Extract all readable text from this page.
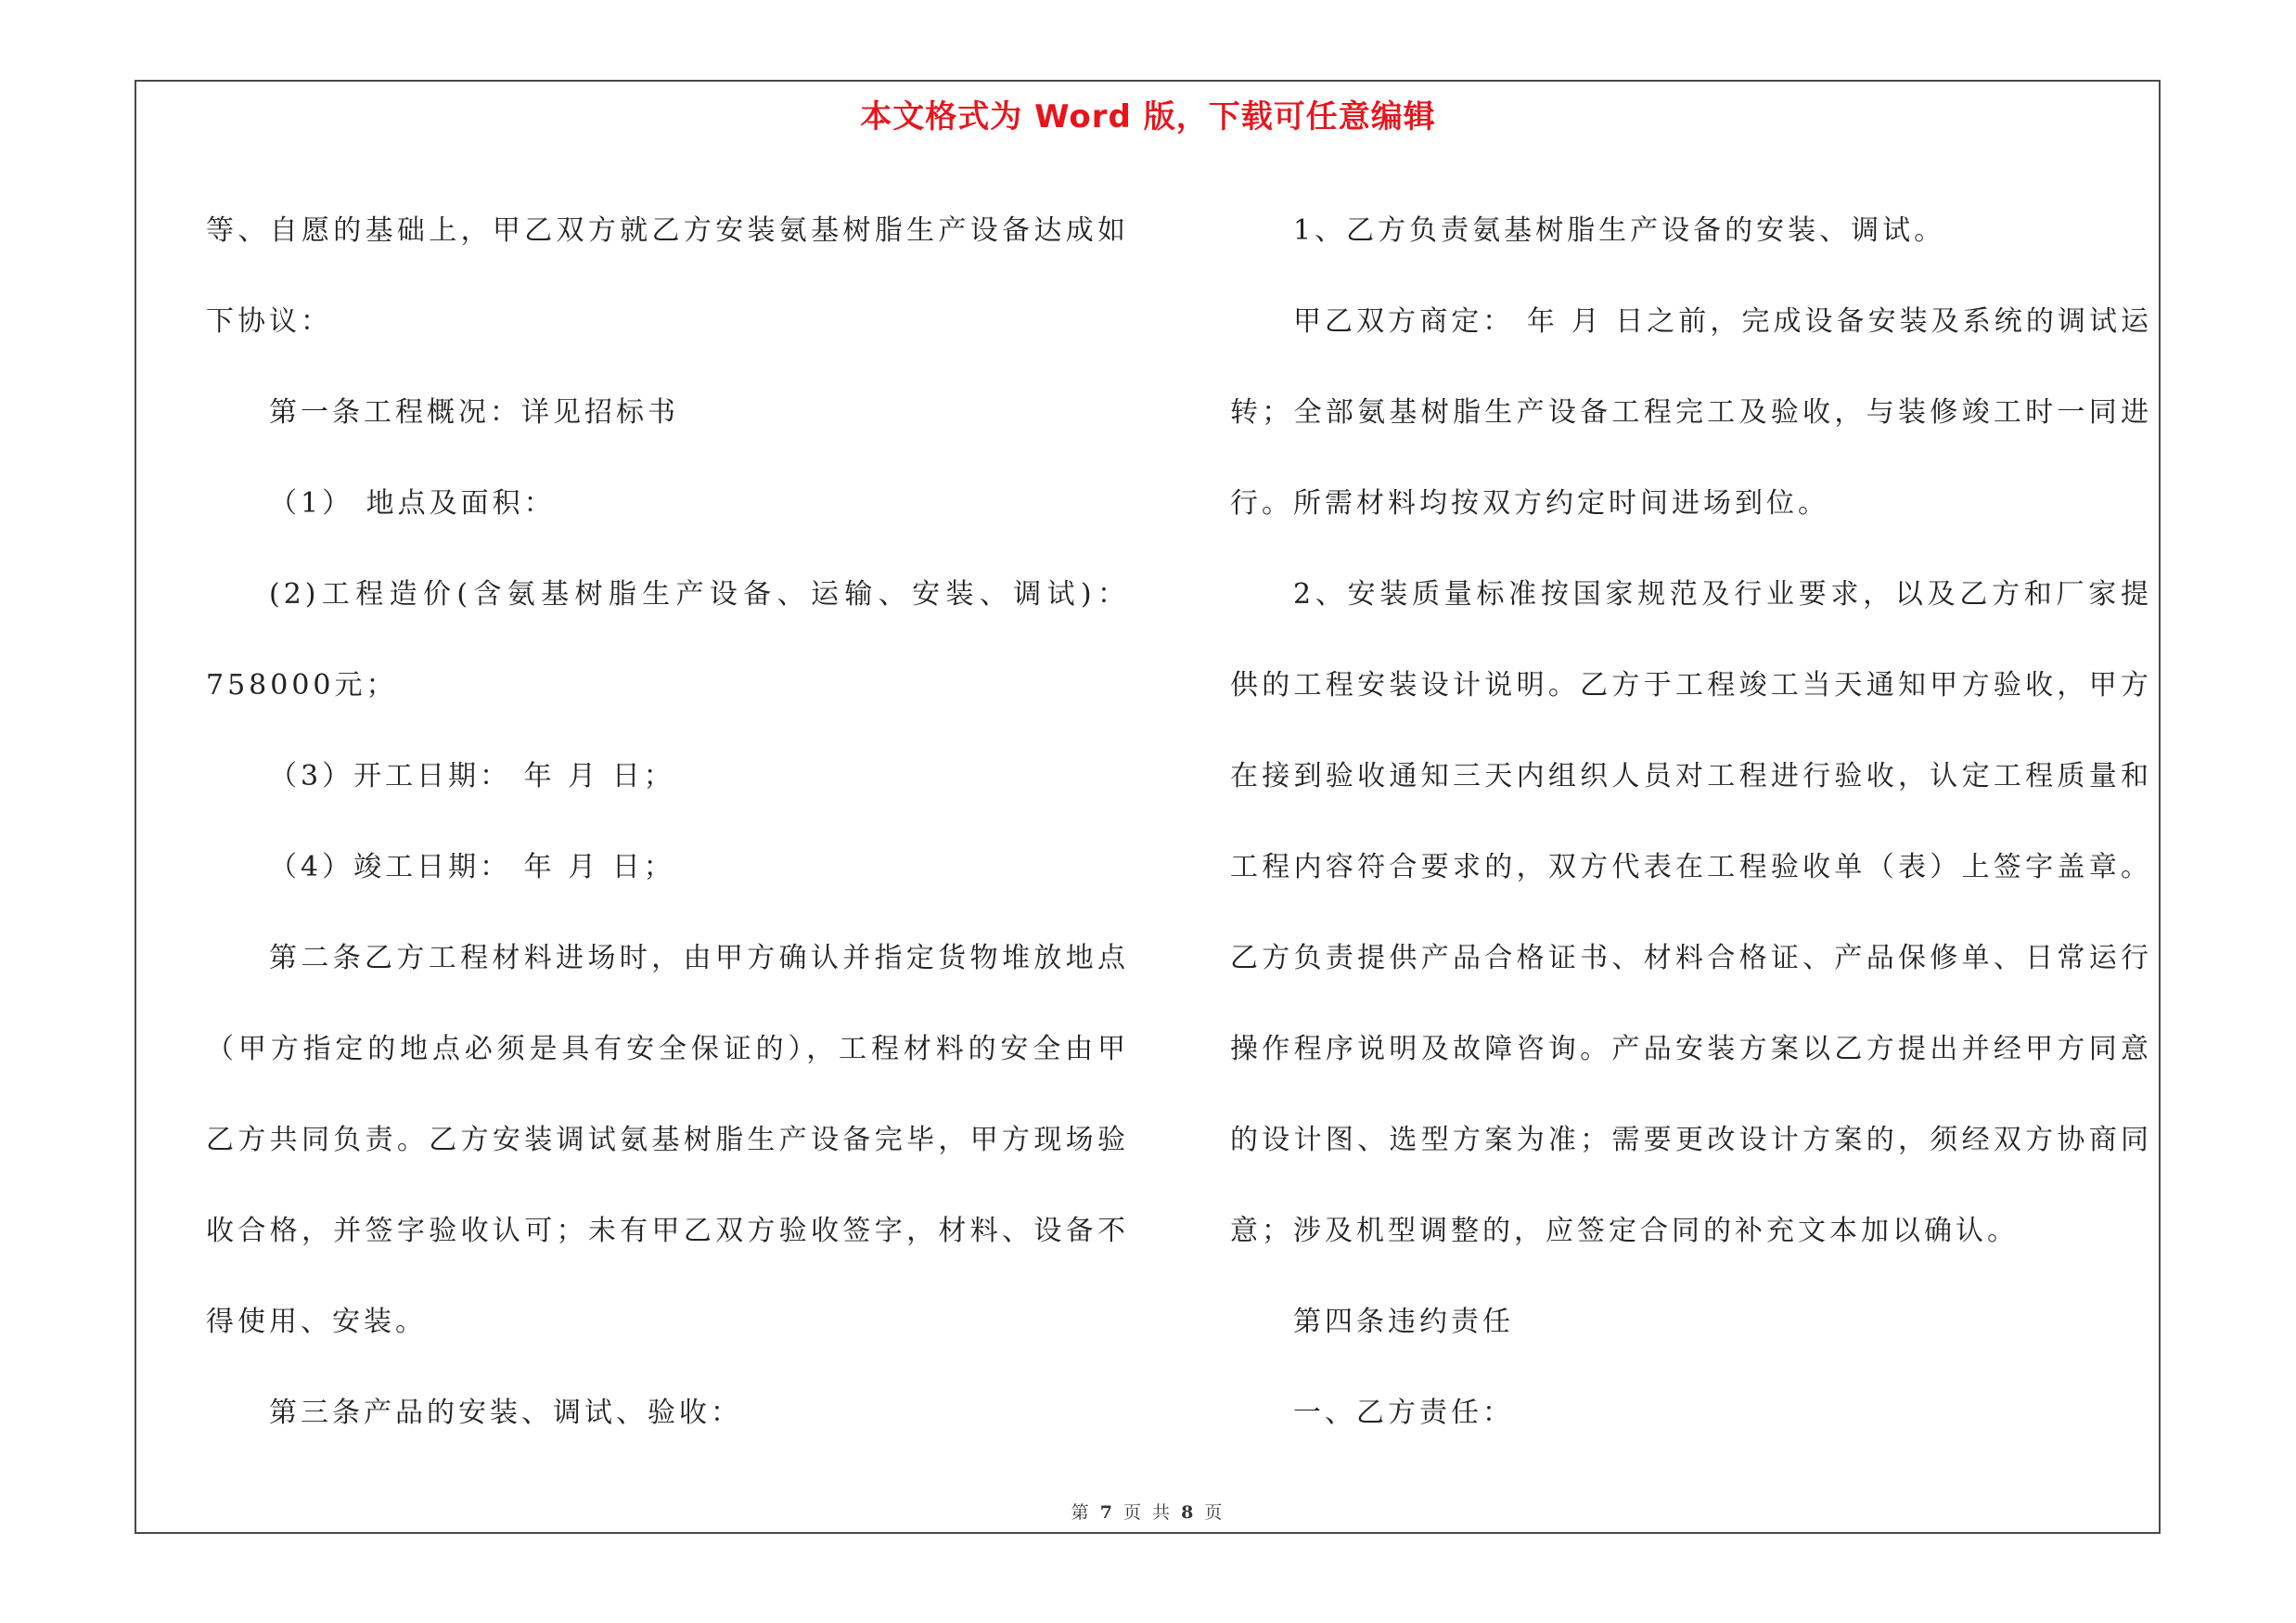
本文格式为 Word 版，下载可任意编辑

等、自愿的基础上，甲乙双方就乙方安装氨基树脂生产设备达成如下协议：

第一条工程概况：详见招标书

（1） 地点及面积：

(2)工程造价(含氨基树脂生产设备、运输、安装、调试)：758000元；

（3）开工日期： 年 月 日；

（4）竣工日期： 年 月 日；

第二条乙方工程材料进场时，由甲方确认并指定货物堆放地点（甲方指定的地点必须是具有安全保证的），工程材料的安全由甲乙方共同负责。乙方安装调试氨基树脂生产设备完毕，甲方现场验收合格，并签字验收认可；未有甲乙双方验收签字，材料、设备不得使用、安装。

第三条产品的安装、调试、验收：

1、乙方负责氨基树脂生产设备的安装、调试。

甲乙双方商定： 年 月 日之前，完成设备安装及系统的调试运转；全部氨基树脂生产设备工程完工及验收，与装修竣工时一同进行。所需材料均按双方约定时间进场到位。

2、安装质量标准按国家规范及行业要求，以及乙方和厂家提供的工程安装设计说明。乙方于工程竣工当天通知甲方验收，甲方在接到验收通知三天内组织人员对工程进行验收，认定工程质量和工程内容符合要求的，双方代表在工程验收单（表）上签字盖章。乙方负责提供产品合格证书、材料合格证、产品保修单、日常运行操作程序说明及故障咨询。产品安装方案以乙方提出并经甲方同意的设计图、选型方案为准；需要更改设计方案的，须经双方协商同意；涉及机型调整的，应签定合同的补充文本加以确认。

第四条违约责任

一、乙方责任：

第 7 页 共 8 页
